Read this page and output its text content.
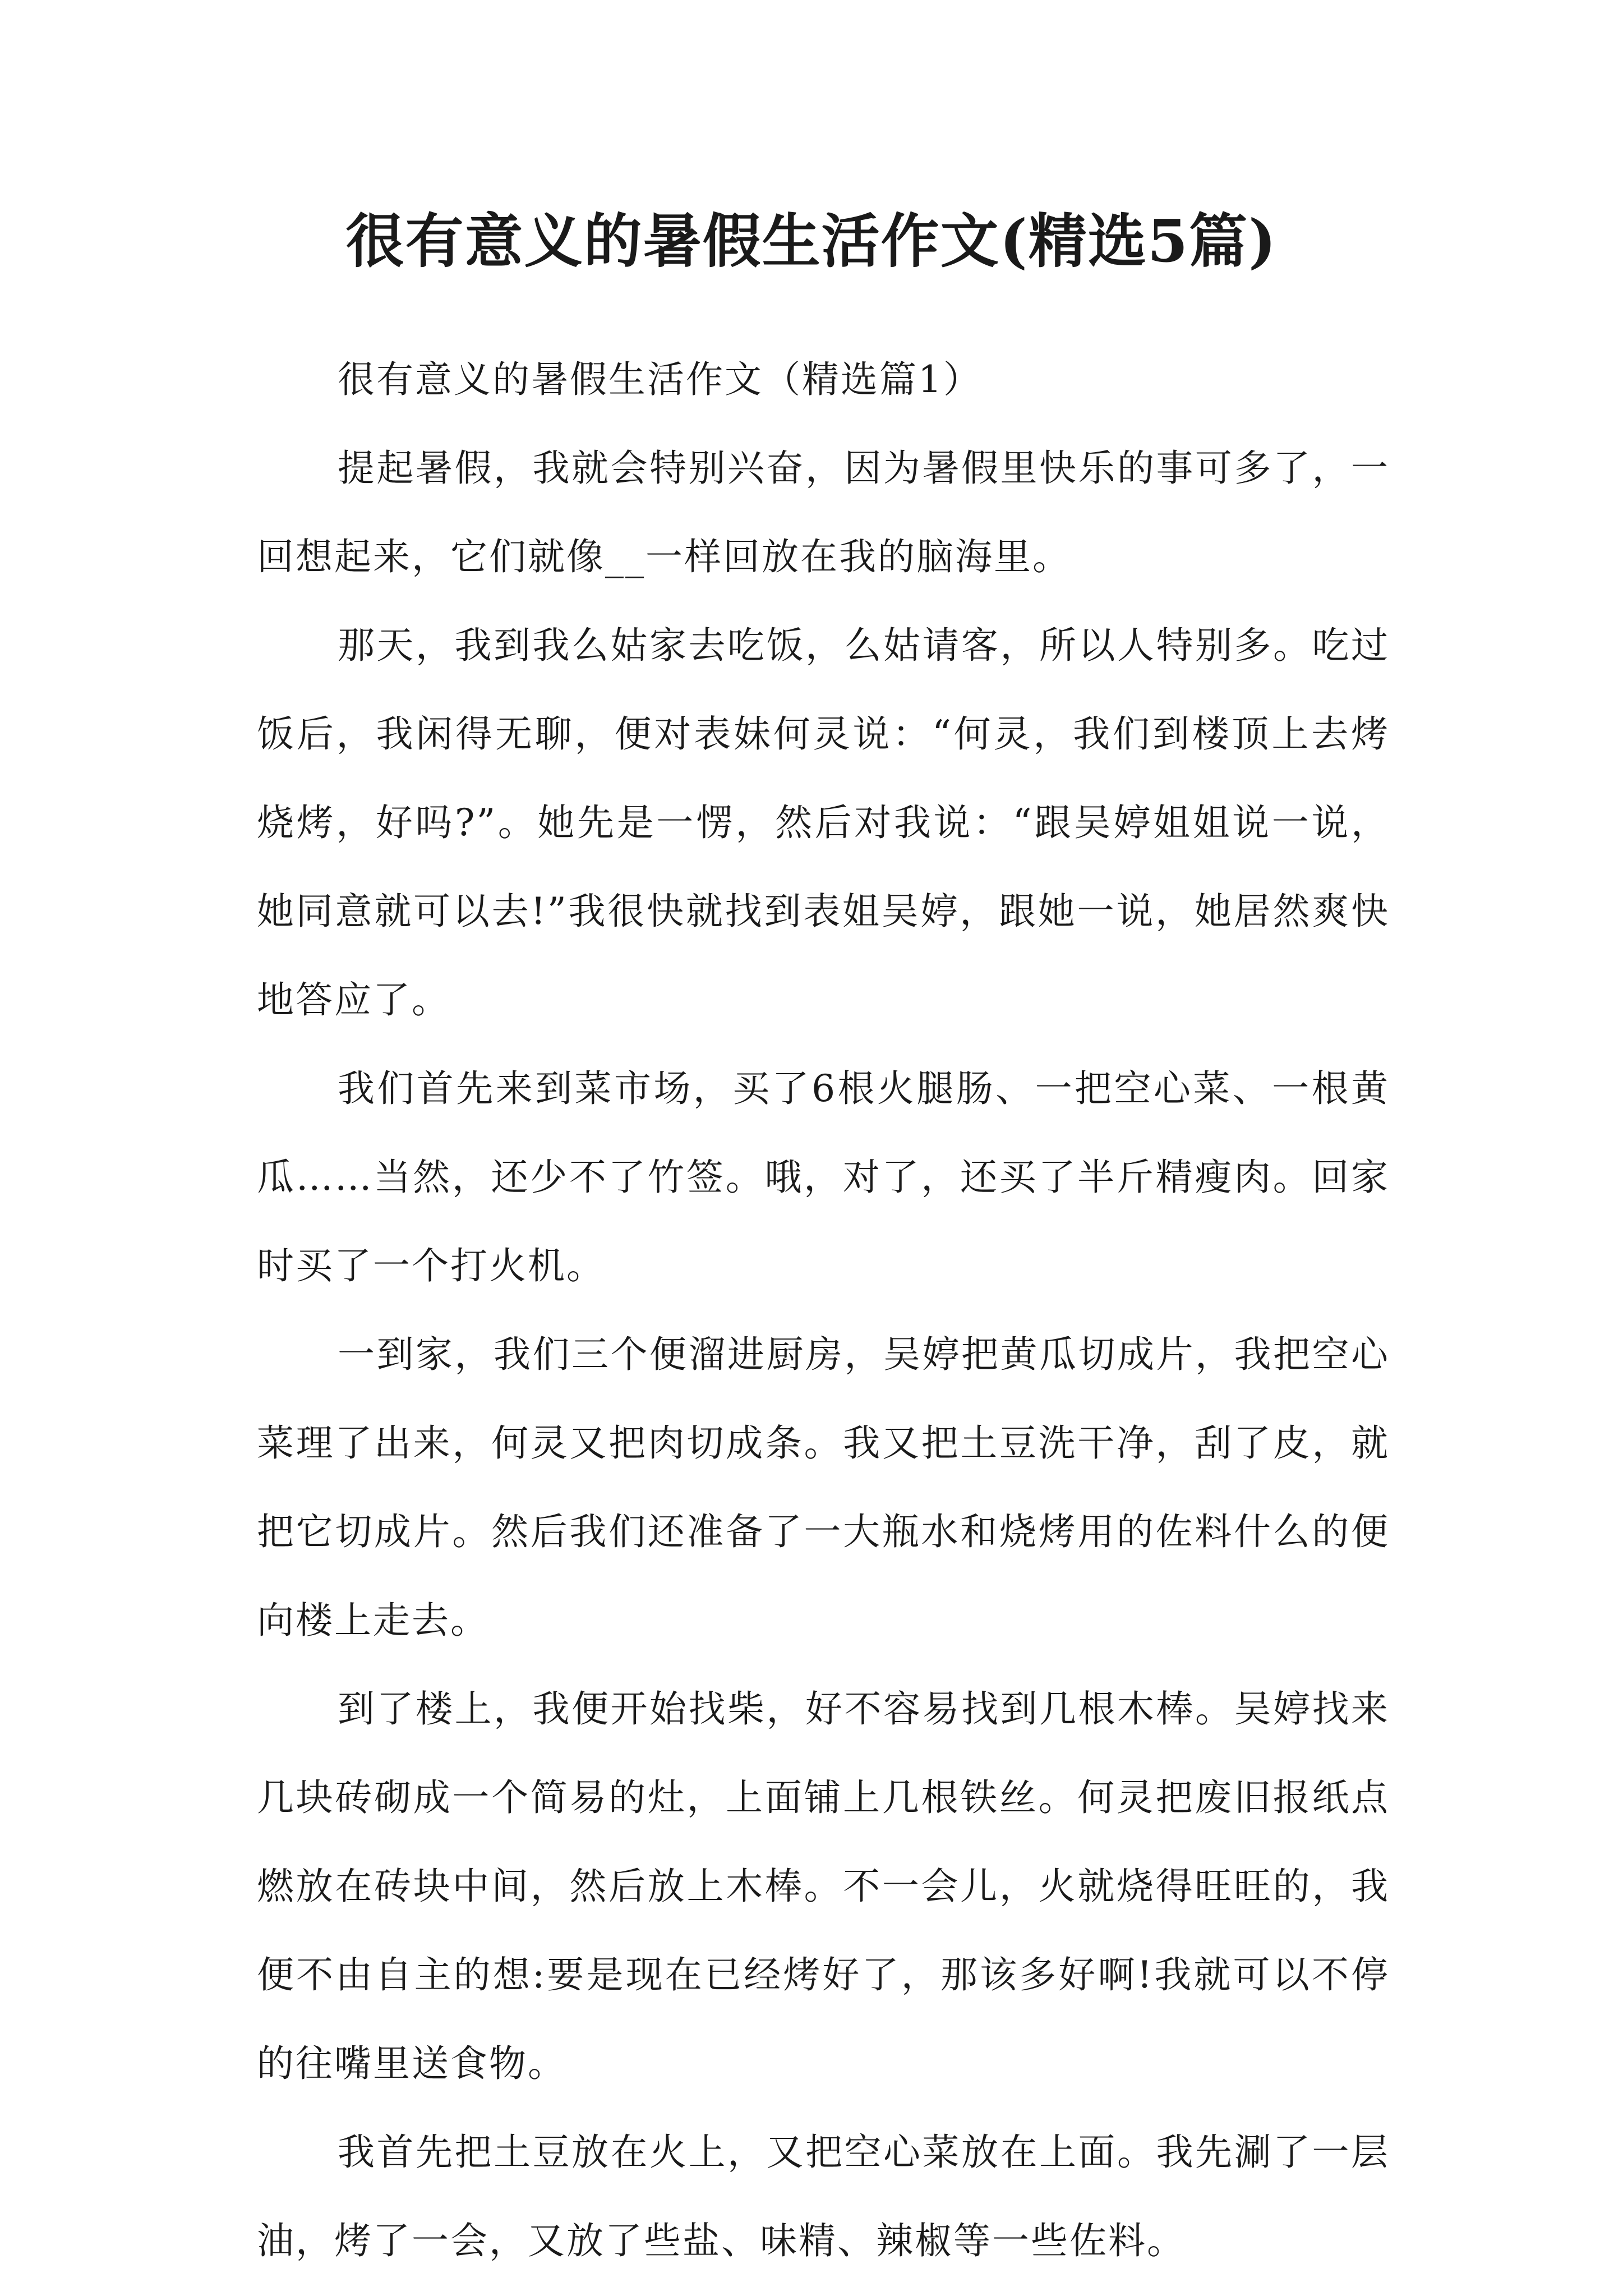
很有意义的暑假生活作文(精选5篇)

很有意义的暑假生活作文（精选篇1）

提起暑假，我就会特别兴奋，因为暑假里快乐的事可多了，一回想起来，它们就像__一样回放在我的脑海里。

那天，我到我么姑家去吃饭，么姑请客，所以人特别多。吃过饭后，我闲得无聊，便对表妹何灵说：“何灵，我们到楼顶上去烤烧烤，好吗?”。她先是一愣，然后对我说：“跟吴婷姐姐说一说，她同意就可以去!”我很快就找到表姐吴婷，跟她一说，她居然爽快地答应了。

我们首先来到菜市场，买了6根火腿肠、一把空心菜、一根黄瓜……当然，还少不了竹签。哦，对了，还买了半斤精瘦肉。回家时买了一个打火机。

一到家，我们三个便溜进厨房，吴婷把黄瓜切成片，我把空心菜理了出来，何灵又把肉切成条。我又把土豆洗干净，刮了皮，就把它切成片。然后我们还准备了一大瓶水和烧烤用的佐料什么的便向楼上走去。

到了楼上，我便开始找柴，好不容易找到几根木棒。吴婷找来几块砖砌成一个简易的灶，上面铺上几根铁丝。何灵把废旧报纸点燃放在砖块中间，然后放上木棒。不一会儿，火就烧得旺旺的，我便不由自主的想:要是现在已经烤好了，那该多好啊!我就可以不停的往嘴里送食物。

我首先把土豆放在火上，又把空心菜放在上面。我先涮了一层油，烤了一会，又放了些盐、味精、辣椒等一些佐料。
